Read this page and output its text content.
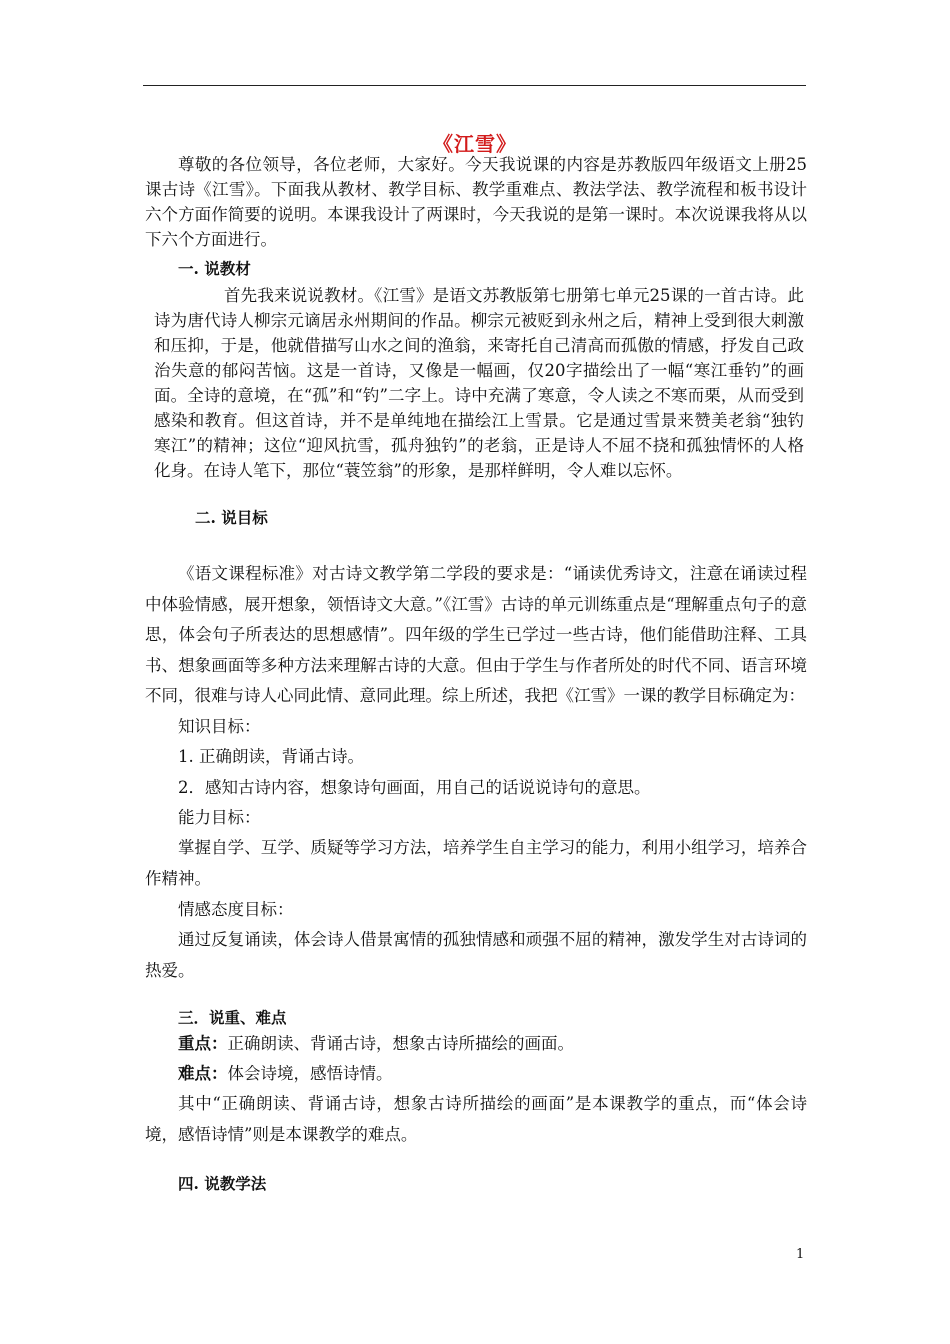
《江雪》

尊敬的各位领导，各位老师，大家好。今天我说课的内容是苏教版四年级语文上册25课古诗《江雪》。下面我从教材、教学目标、教学重难点、教法学法、教学流程和板书设计六个方面作简要的说明。本课我设计了两课时，今天我说的是第一课时。本次说课我将从以下六个方面进行。

一. 说教材

首先我来说说教材。《江雪》是语文苏教版第七册第七单元25课的一首古诗。此诗为唐代诗人柳宗元谪居永州期间的作品。柳宗元被贬到永州之后，精神上受到很大刺激和压抑，于是，他就借描写山水之间的渔翁，来寄托自己清高而孤傲的情感，抒发自己政治失意的郁闷苦恼。这是一首诗，又像是一幅画，仅20字描绘出了一幅“寒江垂钓”的画面。全诗的意境，在“孤”和“钓”二字上。诗中充满了寒意，令人读之不寒而栗，从而受到感染和教育。但这首诗，并不是单纯地在描绘江上雪景。它是通过雪景来赞美老翁“独钓寒江”的精神；这位“迎风抗雪，孤舟独钓”的老翁，正是诗人不屈不挠和孤独情怀的人格化身。在诗人笔下，那位“蓑笠翁”的形象，是那样鲜明，令人难以忘怀。

二. 说目标

《语文课程标准》对古诗文教学第二学段的要求是：“诵读优秀诗文，注意在诵读过程中体验情感，展开想象，领悟诗文大意。”《江雪》古诗的单元训练重点是“理解重点句子的意思，体会句子所表达的思想感情”。四年级的学生已学过一些古诗，他们能借助注释、工具书、想象画面等多种方法来理解古诗的大意。但由于学生与作者所处的时代不同、语言环境不同，很难与诗人心同此情、意同此理。综上所述，我把《江雪》一课的教学目标确定为：

知识目标：

1. 正确朗读，背诵古诗。

2．感知古诗内容，想象诗句画面，用自己的话说说诗句的意思。

能力目标：

掌握自学、互学、质疑等学习方法，培养学生自主学习的能力，利用小组学习，培养合作精神。

情感态度目标：

通过反复诵读，体会诗人借景寓情的孤独情感和顽强不屈的精神，激发学生对古诗词的热爱。

三．说重、难点

重点：正确朗读、背诵古诗，想象古诗所描绘的画面。

难点：体会诗境，感悟诗情。

其中“正确朗读、背诵古诗，想象古诗所描绘的画面”是本课教学的重点，而“体会诗境，感悟诗情”则是本课教学的难点。

四. 说教学法

1
